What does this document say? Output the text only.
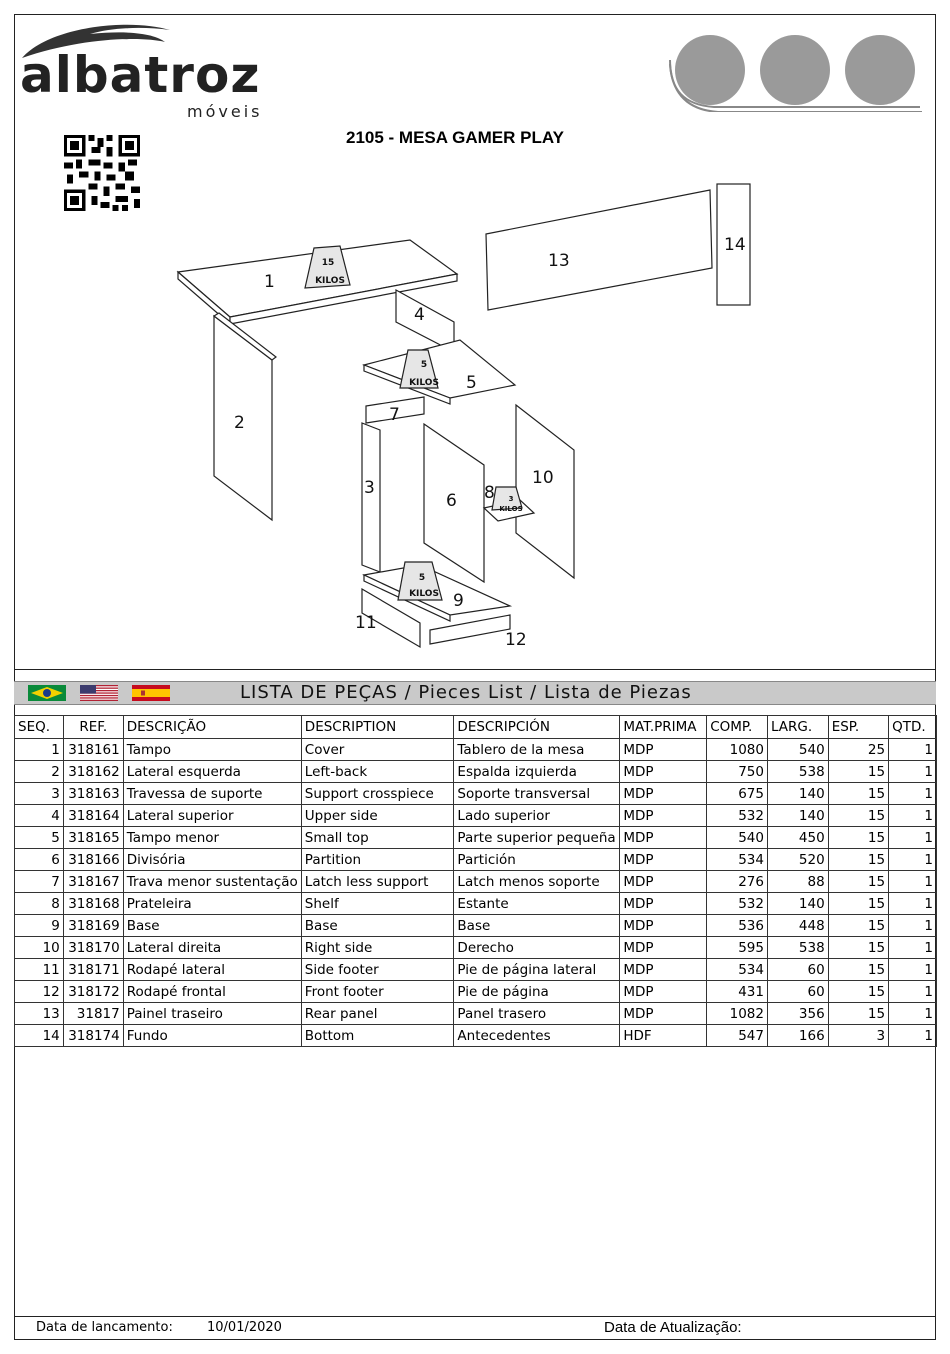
albatroz
móveis
2105 - MESA GAMER PLAY
15
KILOS
5
KILOS
3
KILOS
5
KILOS
1
2
3
4
5
6
7
8
9
10
11
12
13
14
LISTA DE PEÇAS / Pieces List / Lista de Piezas
SEQ.	REF.	DESCRIÇÃO	DESCRIPTION	DESCRIPCIÓN	MAT.PRIMA	COMP.	LARG.	ESP.	QTD.
1	318161	Tampo	Cover	Tablero de la mesa	MDP	1080	540	25	1
2	318162	Lateral esquerda	Left-back	Espalda izquierda	MDP	750	538	15	1
3	318163	Travessa de suporte	Support crosspiece	Soporte transversal	MDP	675	140	15	1
4	318164	Lateral superior	Upper side	Lado superior	MDP	532	140	15	1
5	318165	Tampo menor	Small top	Parte superior pequeña	MDP	540	450	15	1
6	318166	Divisória	Partition	Partición	MDP	534	520	15	1
7	318167	Trava menor sustentação	Latch less support	Latch menos soporte	MDP	276	88	15	1
8	318168	Prateleira	Shelf	Estante	MDP	532	140	15	1
9	318169	Base	Base	Base	MDP	536	448	15	1
10	318170	Lateral direita	Right side	Derecho	MDP	595	538	15	1
11	318171	Rodapé lateral	Side footer	Pie de página lateral	MDP	534	60	15	1
12	318172	Rodapé frontal	Front footer	Pie de página	MDP	431	60	15	1
13	31817	Painel traseiro	Rear panel	Panel trasero	MDP	1082	356	15	1
14	318174	Fundo	Bottom	Antecedentes	HDF	547	166	3	1
Data de lancamento:	10/01/2020	Data de Atualização:
